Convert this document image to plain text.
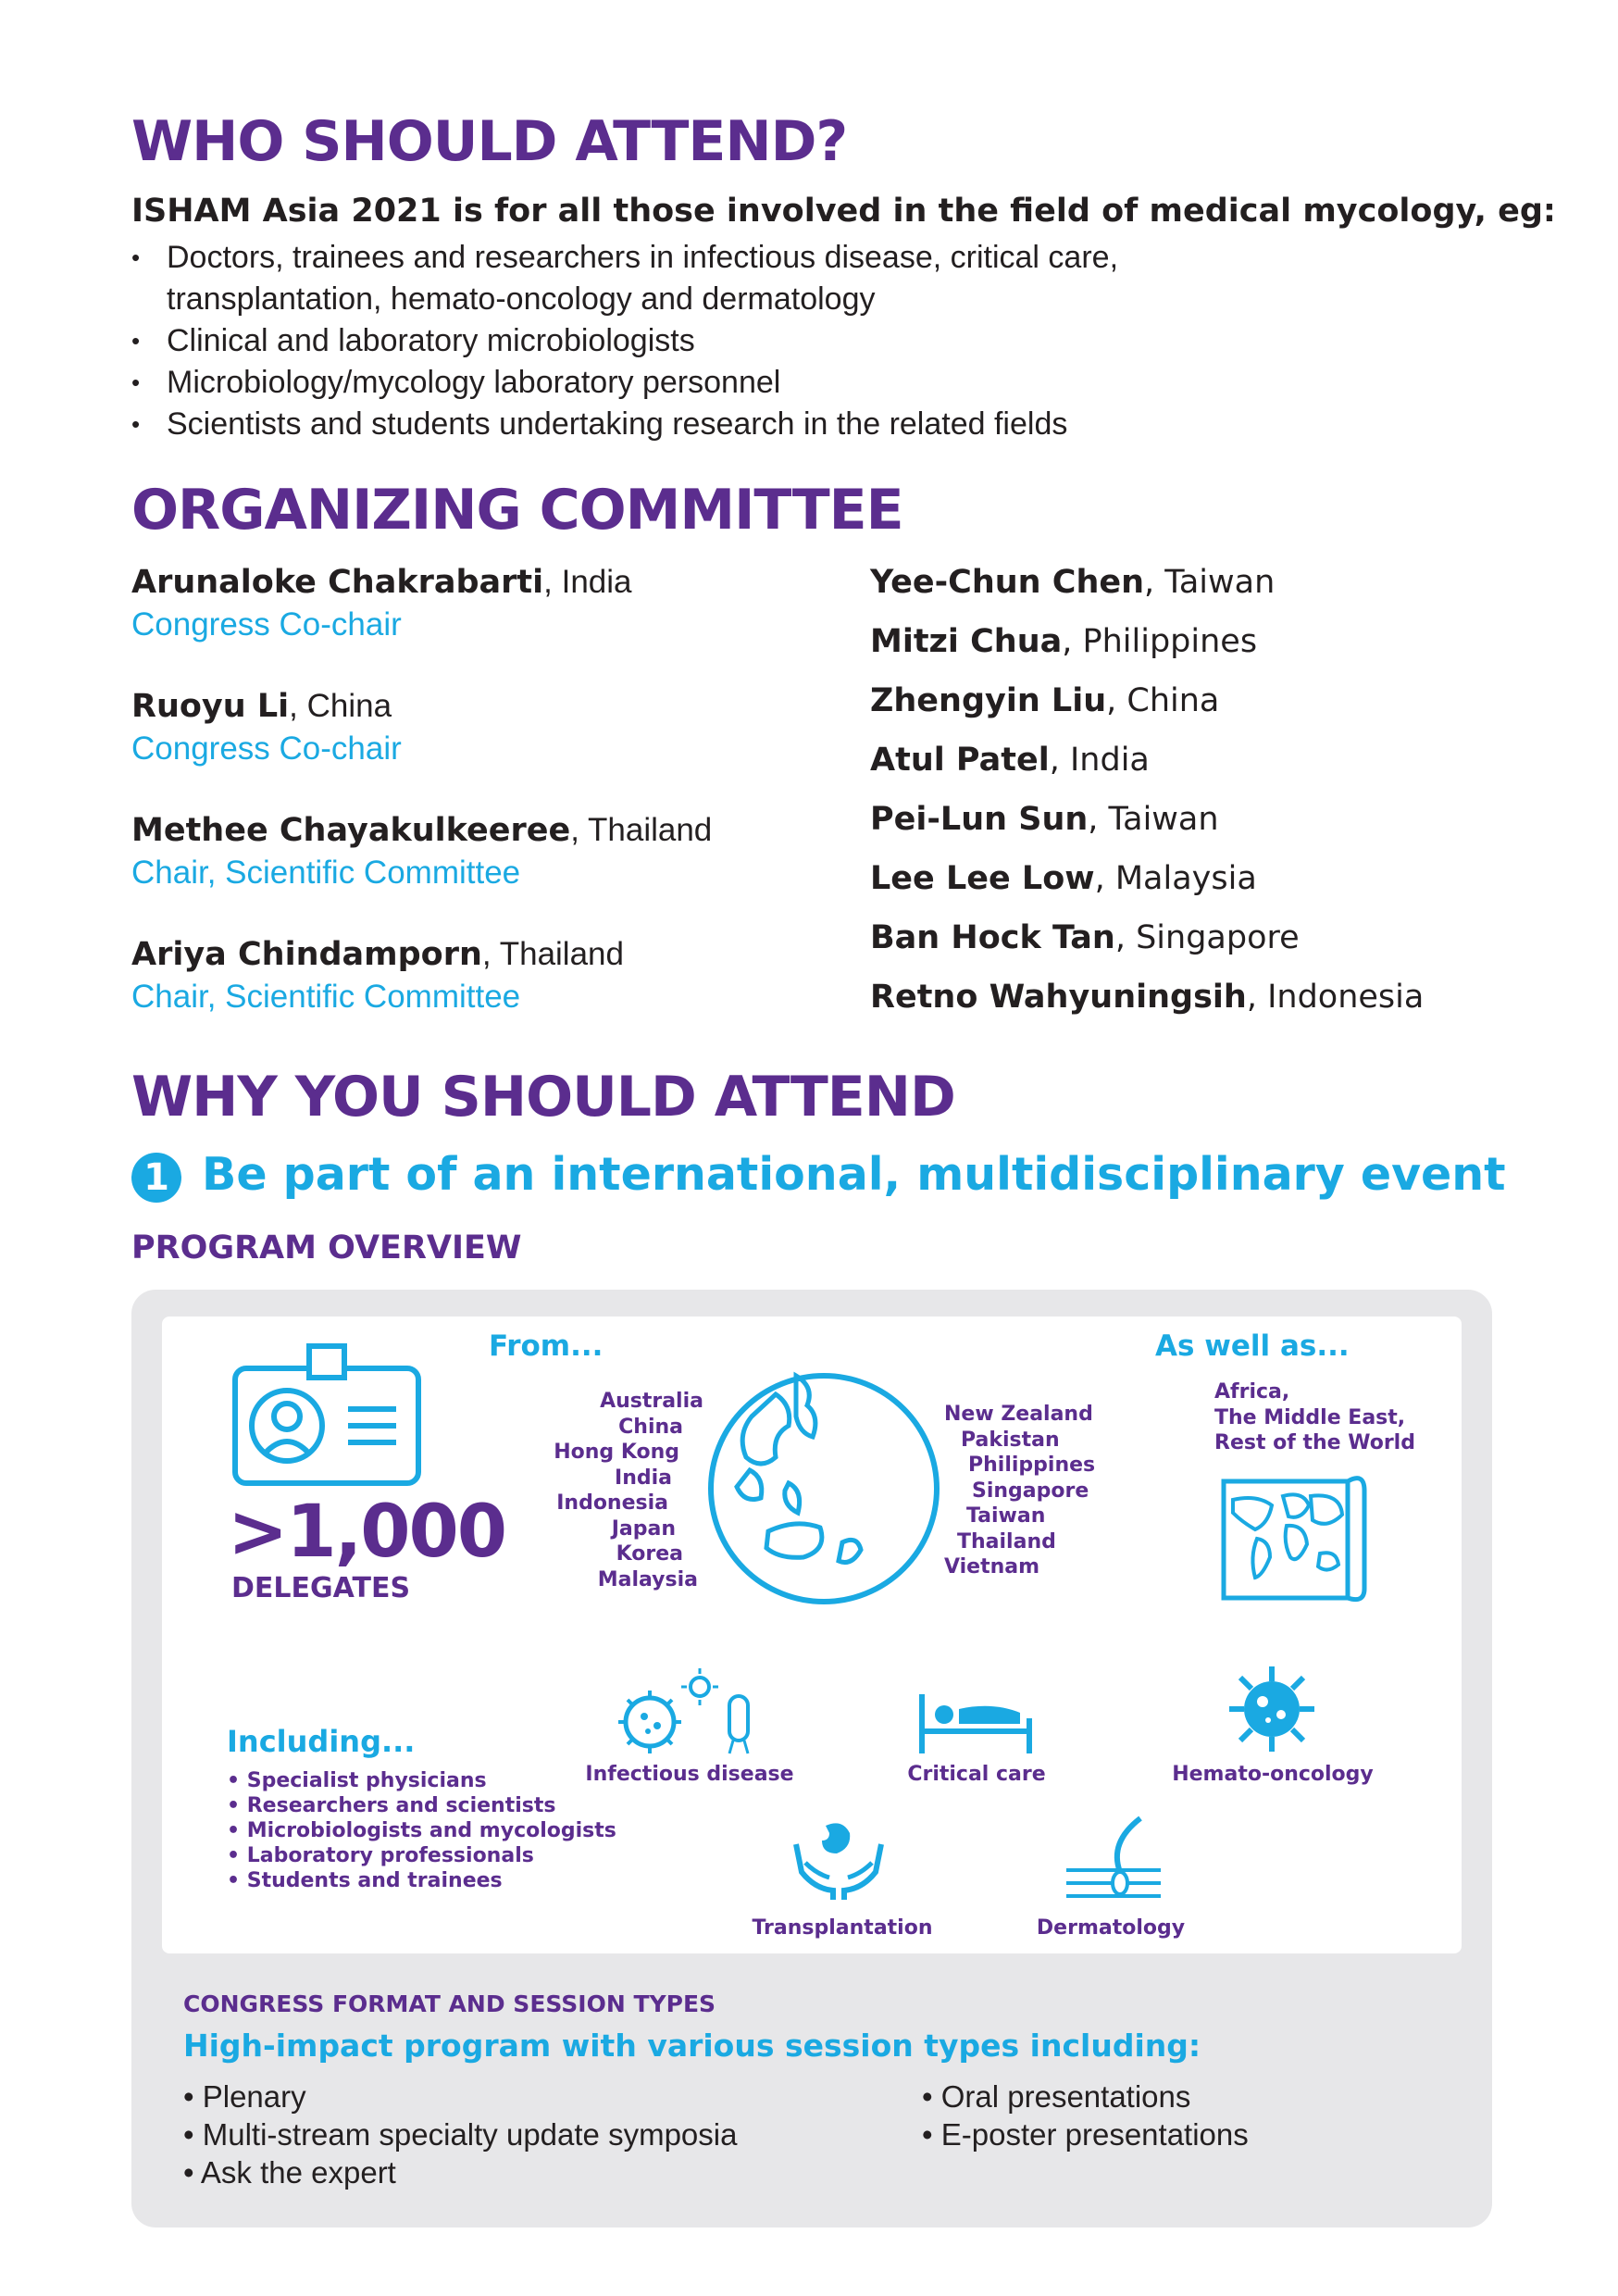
WHO SHOULD ATTEND?
ISHAM Asia 2021 is for all those involved in the field of medical mycology, eg:
• Doctors, trainees and researchers in infectious disease, critical care,
transplantation, hemato-oncology and dermatology
• Clinical and laboratory microbiologists
• Microbiology/mycology laboratory personnel
• Scientists and students undertaking research in the related fields
ORGANIZING COMMITTEE
Arunaloke Chakrabarti, India
Congress Co-chair
Ruoyu Li, China
Congress Co-chair
Methee Chayakulkeeree, Thailand
Chair, Scientific Committee
Ariya Chindamporn, Thailand
Chair, Scientific Committee
Yee-Chun Chen, Taiwan
Mitzi Chua, Philippines
Zhengyin Liu, China
Atul Patel, India
Pei-Lun Sun, Taiwan
Lee Lee Low, Malaysia
Ban Hock Tan, Singapore
Retno Wahyuningsih, Indonesia
WHY YOU SHOULD ATTEND
1 Be part of an international, multidisciplinary event
PROGRAM OVERVIEW
>1,000
DELEGATES
From...
Australia
China
Hong Kong
India
Indonesia
Japan
Korea
Malaysia
New Zealand
Pakistan
Philippines
Singapore
Taiwan
Thailand
Vietnam
As well as...
Africa,
The Middle East,
Rest of the World
Including...
• Specialist physicians
• Researchers and scientists
• Microbiologists and mycologists
• Laboratory professionals
• Students and trainees
Infectious disease	Critical care	Hemato-oncology
Transplantation	Dermatology
CONGRESS FORMAT AND SESSION TYPES
High-impact program with various session types including:
• Plenary
• Multi-stream specialty update symposia
• Ask the expert
• Oral presentations
• E-poster presentations
